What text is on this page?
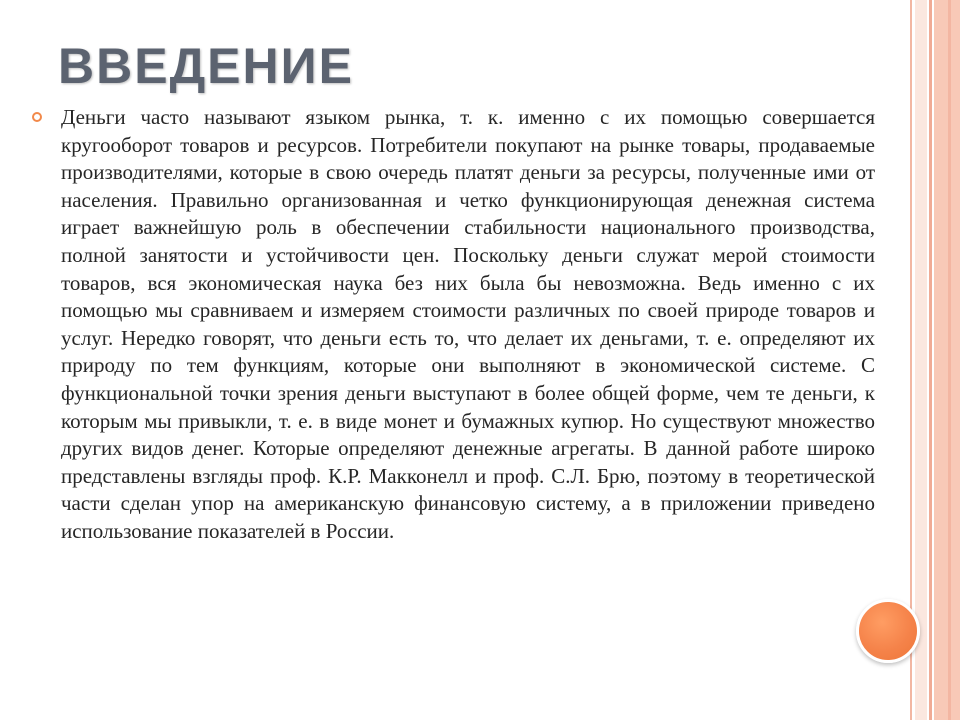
ВВЕДЕНИЕ

Деньги часто называют языком рынка, т. к. именно с их помощью совершается кругооборот товаров и ресурсов. Потребители покупают на рынке товары, продаваемые производителями, которые в свою очередь платят деньги за ресурсы, полученные ими от населения. Правильно организованная и четко функционирующая денежная система играет важнейшую роль в обеспечении стабильности национального производства, полной занятости и устойчивости цен. Поскольку деньги служат мерой стоимости товаров, вся экономическая наука без них была бы невозможна. Ведь именно с их помощью мы сравниваем и измеряем стоимости различных по своей природе товаров и услуг. Нередко говорят, что деньги есть то, что делает их деньгами, т. е. определяют их природу по тем функциям, которые они выполняют в экономической системе. С функциональной точки зрения деньги выступают в более общей форме, чем те деньги, к которым мы привыкли, т. е. в виде монет и бумажных купюр. Но существуют множество других видов денег. Которые определяют денежные агрегаты. В данной работе широко представлены взгляды проф. К.Р. Макконелл и проф. С.Л. Брю, поэтому в теоретической части сделан упор на американскую финансовую систему, а в приложении приведено использование показателей в России.
